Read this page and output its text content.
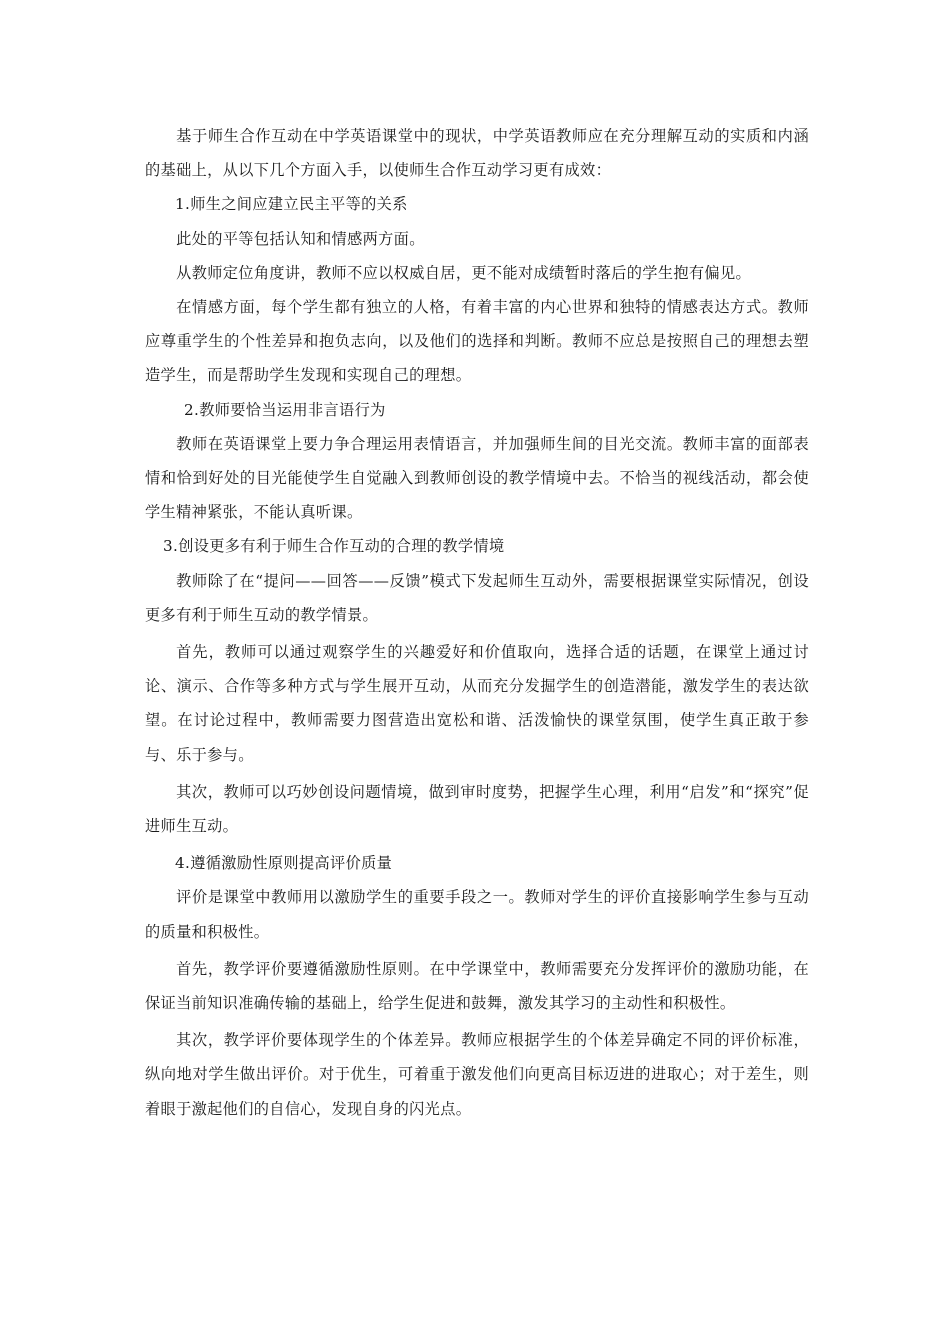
基于师生合作互动在中学英语课堂中的现状，中学英语教师应在充分理解互动的实质和内涵的基础上，从以下几个方面入手，以使师生合作互动学习更有成效：

1.师生之间应建立民主平等的关系

此处的平等包括认知和情感两方面。

从教师定位角度讲，教师不应以权威自居，更不能对成绩暂时落后的学生抱有偏见。

在情感方面，每个学生都有独立的人格，有着丰富的内心世界和独特的情感表达方式。教师应尊重学生的个性差异和抱负志向，以及他们的选择和判断。教师不应总是按照自己的理想去塑造学生，而是帮助学生发现和实现自己的理想。

2.教师要恰当运用非言语行为

教师在英语课堂上要力争合理运用表情语言，并加强师生间的目光交流。教师丰富的面部表情和恰到好处的目光能使学生自觉融入到教师创设的教学情境中去。不恰当的视线活动，都会使学生精神紧张，不能认真听课。

3.创设更多有利于师生合作互动的合理的教学情境

教师除了在“提问——回答——反馈”模式下发起师生互动外，需要根据课堂实际情况，创设更多有利于师生互动的教学情景。

首先，教师可以通过观察学生的兴趣爱好和价值取向，选择合适的话题，在课堂上通过讨论、演示、合作等多种方式与学生展开互动，从而充分发掘学生的创造潜能，激发学生的表达欲望。在讨论过程中，教师需要力图营造出宽松和谐、活泼愉快的课堂氛围，使学生真正敢于参与、乐于参与。

其次，教师可以巧妙创设问题情境，做到审时度势，把握学生心理，利用“启发”和“探究”促进师生互动。

4.遵循激励性原则提高评价质量

评价是课堂中教师用以激励学生的重要手段之一。教师对学生的评价直接影响学生参与互动的质量和积极性。

首先，教学评价要遵循激励性原则。在中学课堂中，教师需要充分发挥评价的激励功能，在保证当前知识准确传输的基础上，给学生促进和鼓舞，激发其学习的主动性和积极性。

其次，教学评价要体现学生的个体差异。教师应根据学生的个体差异确定不同的评价标准，纵向地对学生做出评价。对于优生，可着重于激发他们向更高目标迈进的进取心；对于差生，则着眼于激起他们的自信心，发现自身的闪光点。
